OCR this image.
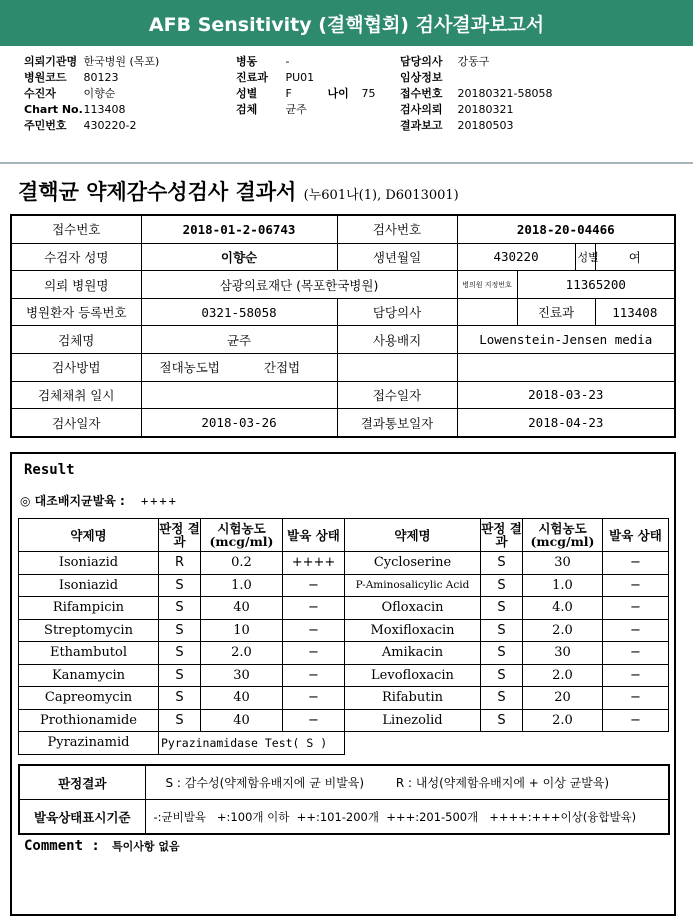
AFB Sensitivity (결핵협회) 검사결과보고서
의뢰기관명 한국병원 (목포)
병원코드 80123
수진자	이향순
Chart No. 113408
주민번호 430220-2
병동	-
진료과 PU01
성별	F	나이 75
검체	균주
담당의사 강동구
임상정보
접수번호 20180321-58058
검사의뢰 20180321
결과보고 20180503
결핵균 약제감수성검사 결과서 (누601나(1), D6013001)
접수번호	2018-01-2-06743	검사번호	2018-20-04466			
수검자 성명	이향순	생년월일	430220		성별	여
의뢰 병원명	삼광의료재단 (목포한국병원)		병의원 지정번호	11365200		
병원환자 등록번호	0321-58058	담당의사		진료과		113408
검체명	균주	사용배지	Lowenstein-Jensen media			
검사방법	절대농도법 간접법					
검체채취 일시		접수일자	2018-03-23			
검사일자	2018-03-26	결과통보일자	2018-04-23			
Result
◎ 대조배지균발육 : ++++
약제명	판정 결과	시험농도 (mcg/ml)	발육 상태	약제명	판정 결과	시험농도 (mcg/ml)	발육 상태
Isoniazid	R	0.2	++++	Cycloserine	S	30	−
Isoniazid	S	1.0	−	P-Aminosalicylic Acid	S	1.0	−
Rifampicin	S	40	−	Ofloxacin	S	4.0	−
Streptomycin	S	10	−	Moxifloxacin	S	2.0	−
Ethambutol	S	2.0	−	Amikacin	S	30	−
Kanamycin	S	30	−	Levofloxacin	S	2.0	−
Capreomycin	S	40	−	Rifabutin	S	20	−
Prothionamide	S	40	−	Linezolid	S	2.0	−
Pyrazinamid	Pyrazinamidase Test( S )						
판정결과	S : 감수성(약제함유배지에 균 비발육) R : 내성(약제함유배지에 + 이상 균발육)
발육상태표시기준	-:균비발육   +:100개 이하  ++:101-200개  +++:201-500개   ++++:+++이상(융합발육)
Comment : 특이사항 없음
